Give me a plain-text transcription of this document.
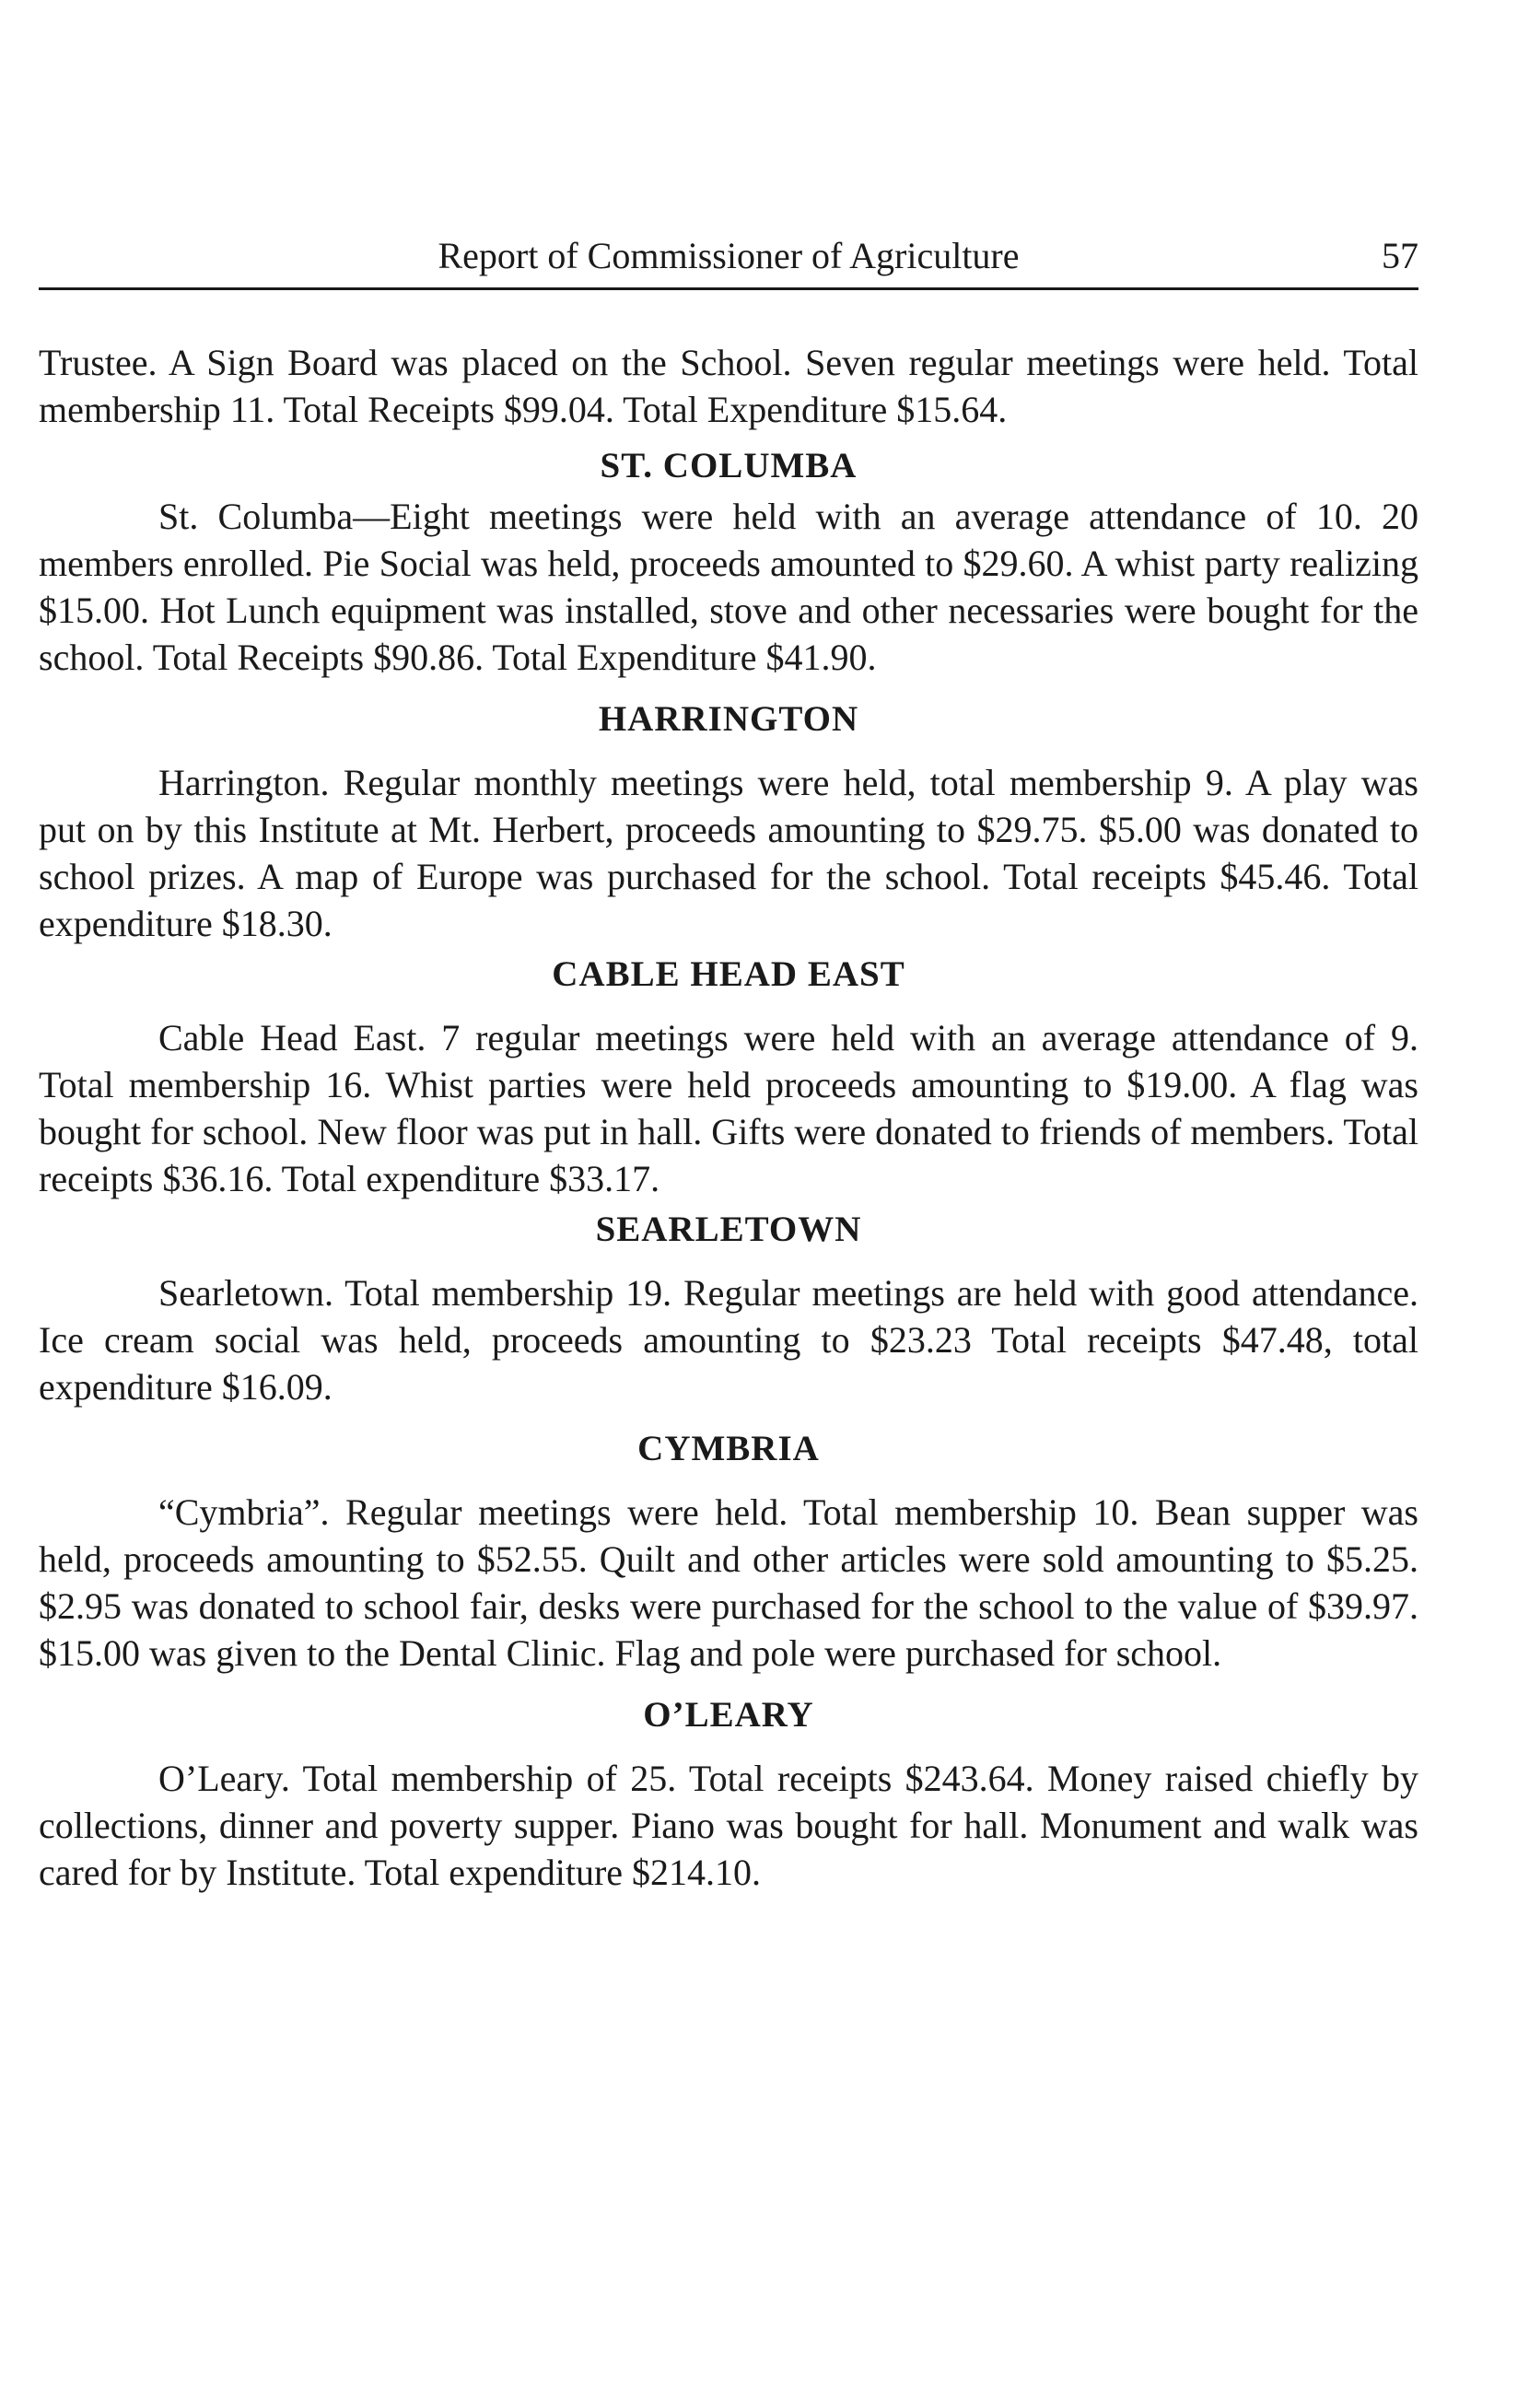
Report of Commissioner of Agriculture	57

Trustee. A Sign Board was placed on the School. Seven regular meetings were held. Total membership 11. Total Receipts $99.04. Total Expenditure $15.64.

ST. COLUMBA

St. Columba—Eight meetings were held with an average attendance of 10. 20 members enrolled. Pie Social was held, proceeds amounted to $29.60. A whist party realizing $15.00. Hot Lunch equipment was installed, stove and other necessaries were bought for the school. Total Receipts $90.86. Total Expenditure $41.90.

HARRINGTON

Harrington. Regular monthly meetings were held, total membership 9. A play was put on by this Institute at Mt. Herbert, proceeds amounting to $29.75. $5.00 was donated to school prizes. A map of Europe was purchased for the school. Total receipts $45.46. Total expenditure $18.30.

CABLE HEAD EAST

Cable Head East. 7 regular meetings were held with an average attendance of 9. Total membership 16. Whist parties were held proceeds amounting to $19.00. A flag was bought for school. New floor was put in hall. Gifts were donated to friends of members. Total receipts $36.16. Total expenditure $33.17.

SEARLETOWN

Searletown. Total membership 19. Regular meetings are held with good attendance. Ice cream social was held, proceeds amounting to $23.23 Total receipts $47.48, total expenditure $16.09.

CYMBRIA

“Cymbria”. Regular meetings were held. Total membership 10. Bean supper was held, proceeds amounting to $52.55. Quilt and other articles were sold amounting to $5.25. $2.95 was donated to school fair, desks were purchased for the school to the value of $39.97. $15.00 was given to the Dental Clinic. Flag and pole were purchased for school.

O’LEARY

O’Leary. Total membership of 25. Total receipts $243.64. Money raised chiefly by collections, dinner and poverty supper. Piano was bought for hall. Monument and walk was cared for by Institute. Total expenditure $214.10.
